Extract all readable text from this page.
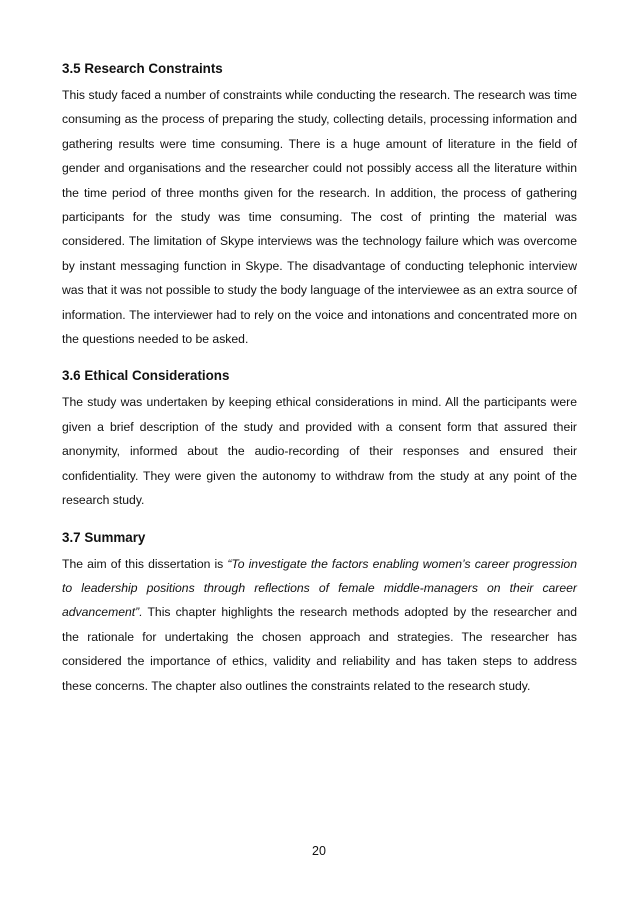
3.5 Research Constraints

This study faced a number of constraints while conducting the research. The research was time consuming as the process of preparing the study, collecting details, processing information and gathering results were time consuming. There is a huge amount of literature in the field of gender and organisations and the researcher could not possibly access all the literature within the time period of three months given for the research. In addition, the process of gathering participants for the study was time consuming. The cost of printing the material was considered. The limitation of Skype interviews was the technology failure which was overcome by instant messaging function in Skype. The disadvantage of conducting telephonic interview was that it was not possible to study the body language of the interviewee as an extra source of information. The interviewer had to rely on the voice and intonations and concentrated more on the questions needed to be asked.

3.6 Ethical Considerations

The study was undertaken by keeping ethical considerations in mind. All the participants were given a brief description of the study and provided with a consent form that assured their anonymity, informed about the audio-recording of their responses and ensured their confidentiality. They were given the autonomy to withdraw from the study at any point of the research study.

3.7 Summary

The aim of this dissertation is “To investigate the factors enabling women’s career progression to leadership positions through reflections of female middle-managers on their career advancement”. This chapter highlights the research methods adopted by the researcher and the rationale for undertaking the chosen approach and strategies. The researcher has considered the importance of ethics, validity and reliability and has taken steps to address these concerns. The chapter also outlines the constraints related to the research study.

20
